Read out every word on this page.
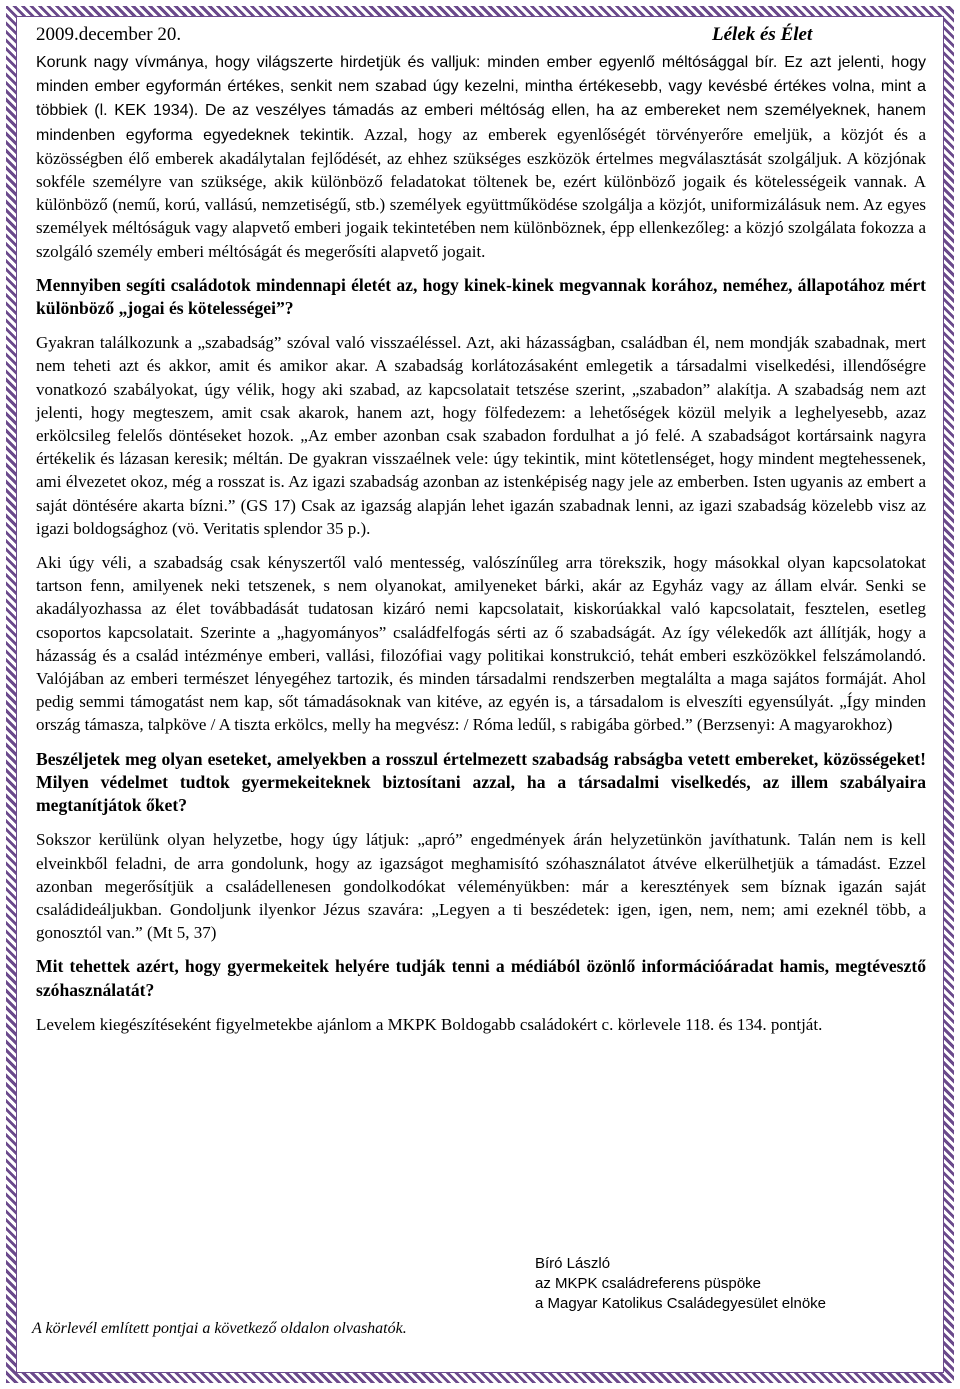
2009.december 20.	Lélek és Élet

Korunk nagy vívmánya, hogy világszerte hirdetjük és valljuk: minden ember egyenlő méltósággal bír. Ez azt jelenti, hogy minden ember egyformán értékes, senkit nem szabad úgy kezelni, mintha értékesebb, vagy kevésbé értékes volna, mint a többiek (l. KEK 1934). De az veszélyes támadás az emberi méltóság ellen, ha az embereket nem személyeknek, hanem mindenben egyforma egyedeknek tekintik. Azzal, hogy az emberek egyenlőségét törvényerőre emeljük, a közjót és a közösségben élő emberek akadálytalan fejlődését, az ehhez szükséges eszközök értelmes megválasztását szolgáljuk. A közjónak sokféle személyre van szüksége, akik különböző feladatokat töltenek be, ezért különböző jogaik és kötelességeik vannak. A különböző (nemű, korú, vallású, nemzetiségű, stb.) személyek együttműködése szolgálja a közjót, uniformizálásuk nem. Az egyes személyek méltóságuk vagy alapvető emberi jogaik tekintetében nem különböznek, épp ellenkezőleg: a közjó szolgálata fokozza a szolgáló személy emberi méltóságát és megerősíti alapvető jogait.

Mennyiben segíti családotok mindennapi életét az, hogy kinek-kinek megvannak korához, neméhez, állapotához mért különböző „jogai és kötelességei”?

Gyakran találkozunk a „szabadság” szóval való visszaéléssel. Azt, aki házasságban, családban él, nem mondják szabadnak, mert nem teheti azt és akkor, amit és amikor akar. A szabadság korlátozásaként emlegetik a társadalmi viselkedési, illendőségre vonatkozó szabályokat, úgy vélik, hogy aki szabad, az kapcsolatait tetszése szerint, „szabadon” alakítja. A szabadság nem azt jelenti, hogy megteszem, amit csak akarok, hanem azt, hogy fölfedezem: a lehetőségek közül melyik a leghelyesebb, azaz erkölcsileg felelős döntéseket hozok. „Az ember azonban csak szabadon fordulhat a jó felé. A szabadságot kortársaink nagyra értékelik és lázasan keresik; méltán. De gyakran visszaélnek vele: úgy tekintik, mint kötetlenséget, hogy mindent megtehessenek, ami élvezetet okoz, még a rosszat is. Az igazi szabadság azonban az istenképiség nagy jele az emberben. Isten ugyanis az embert a saját döntésére akarta bízni.” (GS 17) Csak az igazság alapján lehet igazán szabadnak lenni, az igazi szabadság közelebb visz az igazi boldogsághoz (vö. Veritatis splendor 35 p.).

Aki úgy véli, a szabadság csak kényszertől való mentesség, valószínűleg arra törekszik, hogy másokkal olyan kapcsolatokat tartson fenn, amilyenek neki tetszenek, s nem olyanokat, amilyeneket bárki, akár az Egyház vagy az állam elvár. Senki se akadályozhassa az élet továbbadását tudatosan kizáró nemi kapcsolatait, kiskorúakkal való kapcsolatait, fesztelen, esetleg csoportos kapcsolatait. Szerinte a „hagyományos” családfelfogás sérti az ő szabadságát. Az így vélekedők azt állítják, hogy a házasság és a család intézménye emberi, vallási, filozófiai vagy politikai konstrukció, tehát emberi eszközökkel felszámolandó. Valójában az emberi természet lényegéhez tartozik, és minden társadalmi rendszerben megtalálta a maga sajátos formáját. Ahol pedig semmi támogatást nem kap, sőt támadásoknak van kitéve, az egyén is, a társadalom is elveszíti egyensúlyát. „Így minden ország támasza, talpköve / A tiszta erkölcs, melly ha megvész: / Róma ledűl, s rabigába görbed.” (Berzsenyi: A magyarokhoz)

Beszéljetek meg olyan eseteket, amelyekben a rosszul értelmezett szabadság rabságba vetett embereket, közösségeket! Milyen védelmet tudtok gyermekeiteknek biztosítani azzal, ha a társadalmi viselkedés, az illem szabályaira megtanítjátok őket?

Sokszor kerülünk olyan helyzetbe, hogy úgy látjuk: „apró” engedmények árán helyzetünkön javíthatunk. Talán nem is kell elveinkből feladni, de arra gondolunk, hogy az igazságot meghamisító szóhasználatot átvéve elkerülhetjük a támadást. Ezzel azonban megerősítjük a családellenesen gondolkodókat véleményükben: már a keresztények sem bíznak igazán saját családideáljukban. Gondoljunk ilyenkor Jézus szavára: „Legyen a ti beszédetek: igen, igen, nem, nem; ami ezeknél több, a gonosztól van.” (Mt 5, 37)

Mit tehettek azért, hogy gyermekeitek helyére tudják tenni a médiából özönlő információáradat hamis, megtévesztő szóhasználatát?

Levelem kiegészítéseként figyelmetekbe ajánlom a MKPK Boldogabb családokért c. körlevele 118. és 134. pontját.

Bíró László
az MKPK családreferens püspöke
a Magyar Katolikus Családegyesület elnöke
A körlevél említett pontjai a következő oldalon olvashatók.
